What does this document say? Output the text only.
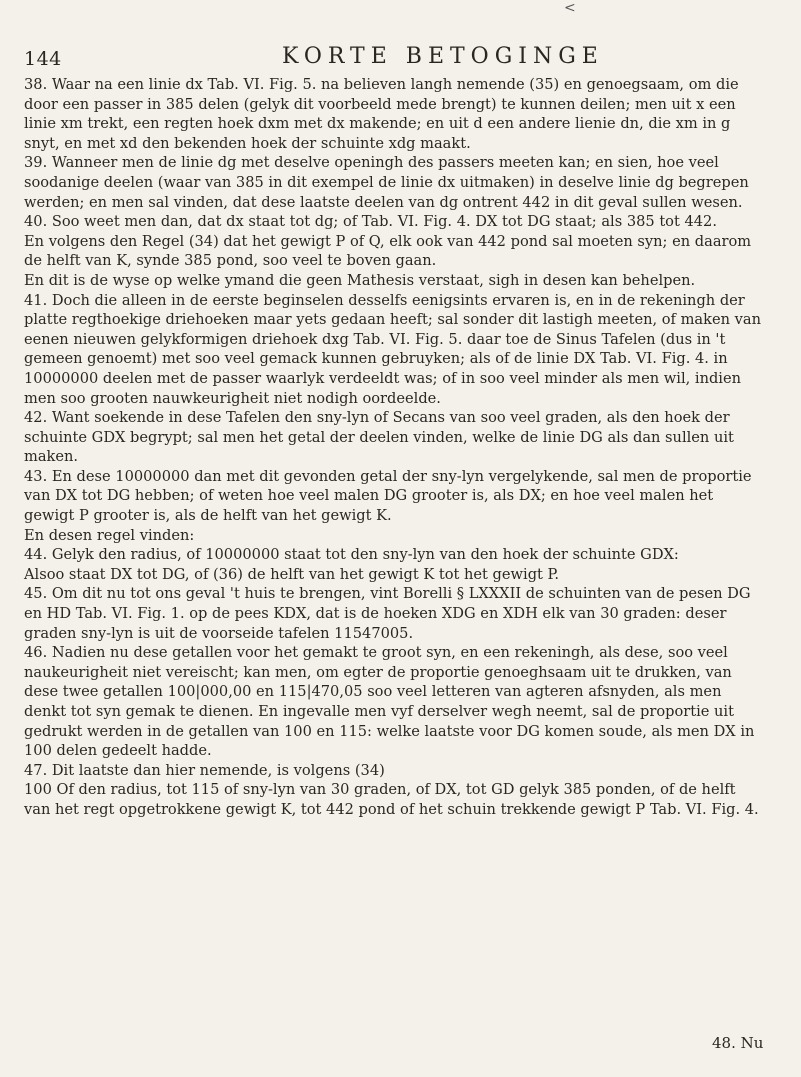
<
144	KORTE BETOGINGE

38. Waar na een linie dx Tab. VI. Fig. 5. na believen langh nemende (35) en genoegsaam, om die door een passer in 385 delen (gelyk dit voorbeeld mede brengt) te kunnen deilen; men uit x een linie xm trekt, een regten hoek dxm met dx makende; en uit d een andere lienie dn, die xm in g snyt, en met xd den bekenden hoek der schuinte xdg maakt.

39. Wanneer men de linie dg met deselve openingh des passers meeten kan; en sien, hoe veel soodanige deelen (waar van 385 in dit exempel de linie dx uitmaken) in deselve linie dg begrepen werden; en men sal vinden, dat dese laatste deelen van dg ontrent 442 in dit geval sullen wesen.

40. Soo weet men dan, dat dx staat tot dg; of Tab. VI. Fig. 4. DX tot DG staat; als 385 tot 442.

En volgens den Regel (34) dat het gewigt P of Q, elk ook van 442 pond sal moeten syn; en daarom de helft van K, synde 385 pond, soo veel te boven gaan.

En dit is de wyse op welke ymand die geen Mathesis verstaat, sigh in desen kan behelpen.

41. Doch die alleen in de eerste beginselen desselfs eenigsints ervaren is, en in de rekeningh der platte regthoekige driehoeken maar yets gedaan heeft; sal sonder dit lastigh meeten, of maken van eenen nieuwen gelykformigen driehoek dxg Tab. VI. Fig. 5. daar toe de Sinus Tafelen (dus in 't gemeen genoemt) met soo veel gemack kunnen gebruyken; als of de linie DX Tab. VI. Fig. 4. in 10000000 deelen met de passer waarlyk verdeeldt was; of in soo veel minder als men wil, indien men soo grooten nauwkeurigheit niet nodigh oordeelde.

42. Want soekende in dese Tafelen den sny-lyn of Secans van soo veel graden, als den hoek der schuinte GDX begrypt; sal men het getal der deelen vinden, welke de linie DG als dan sullen uit maken.

43. En dese 10000000 dan met dit gevonden getal der sny-lyn vergelykende, sal men de proportie van DX tot DG hebben; of weten hoe veel malen DG grooter is, als DX; en hoe veel malen het gewigt P grooter is, als de helft van het gewigt K.

En desen regel vinden:

44. Gelyk den radius, of 10000000 staat tot den sny-lyn van den hoek der schuinte GDX:

Alsoo staat DX tot DG, of (36) de helft van het gewigt K tot het gewigt P.

45. Om dit nu tot ons geval 't huis te brengen, vint Borelli § LXXXII de schuinten van de pesen DG en HD Tab. VI. Fig. 1. op de pees KDX, dat is de hoeken XDG en XDH elk van 30 graden: deser graden sny-lyn is uit de voorseide tafelen 11547005.

46. Nadien nu dese getallen voor het gemakt te groot syn, en een rekeningh, als dese, soo veel naukeurigheit niet vereischt; kan men, om egter de proportie genoeghsaam uit te drukken, van dese twee getallen 100|000,00 en 115|470,05 soo veel letteren van agteren afsnyden, als men denkt tot syn gemak te dienen. En ingevalle men vyf derselver wegh neemt, sal de proportie uit gedrukt werden in de getallen van 100 en 115: welke laatste voor DG komen soude, als men DX in 100 delen gedeelt hadde.

47. Dit laatste dan hier nemende, is volgens (34)

100 Of den radius, tot 115 of sny-lyn van 30 graden, of DX, tot GD gelyk 385 ponden, of de helft van het regt opgetrokkene gewigt K, tot 442 pond of het schuin trekkende gewigt P Tab. VI. Fig. 4.

48. Nu
